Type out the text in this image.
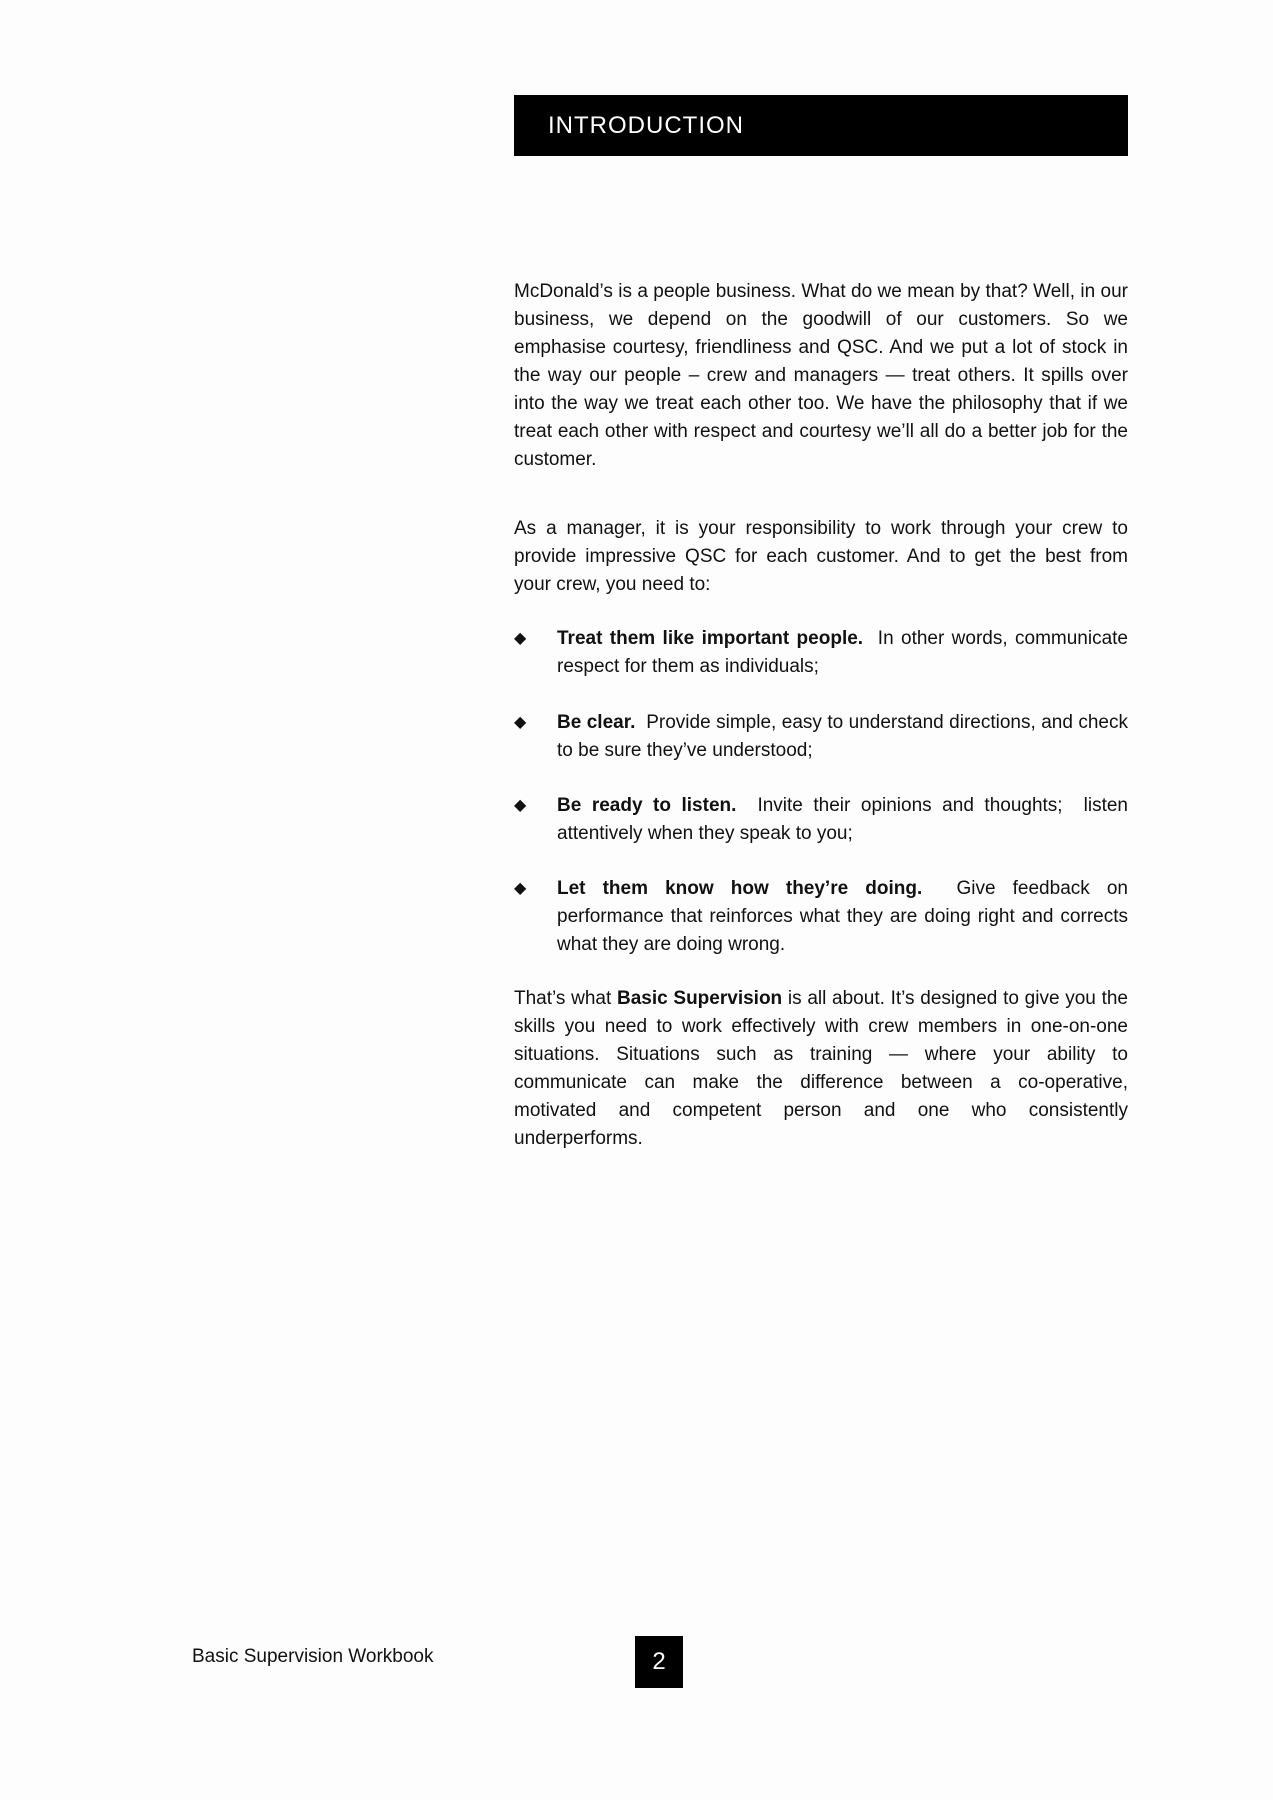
INTRODUCTION

McDonald’s is a people business. What do we mean by that? Well, in our business, we depend on the goodwill of our customers. So we emphasise courtesy, friendliness and QSC. And we put a lot of stock in the way our people – crew and managers — treat others. It spills over into the way we treat each other too. We have the philosophy that if we treat each other with respect and courtesy we’ll all do a better job for the customer.

As a manager, it is your responsibility to work through your crew to provide impressive QSC for each customer. And to get the best from your crew, you need to:

◆ Treat them like important people.  In other words, communicate respect for them as individuals;
◆ Be clear.  Provide simple, easy to understand directions, and check to be sure they’ve understood;
◆ Be ready to listen.  Invite their opinions and thoughts;  listen attentively when they speak to you;
◆ Let them know how they’re doing.  Give feedback on performance that reinforces what they are doing right and corrects what they are doing wrong.

That’s what Basic Supervision is all about. It’s designed to give you the skills you need to work effectively with crew members in one-on-one situations. Situations such as training — where your ability to communicate can make the difference between a co-operative, motivated and competent person and one who consistently underperforms.

Basic Supervision Workbook	2
